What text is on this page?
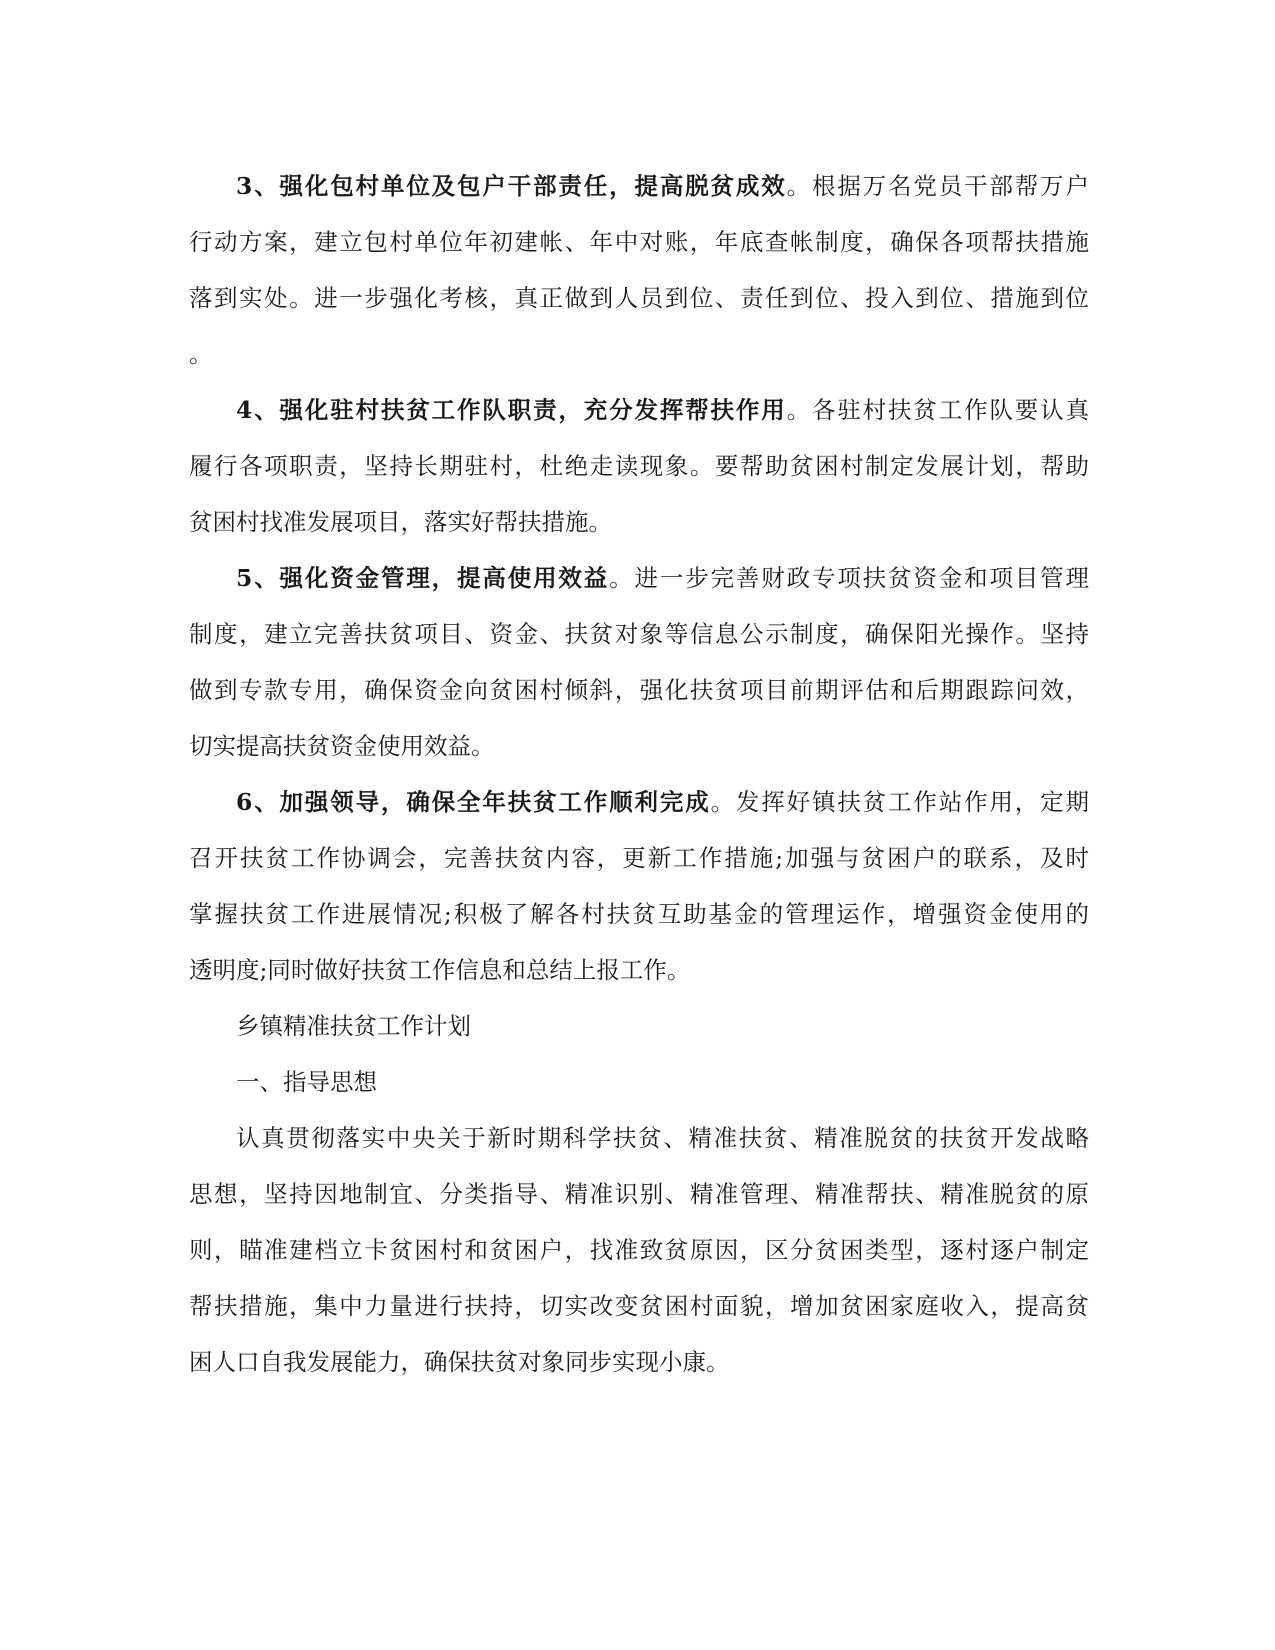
3、强化包村单位及包户干部责任，提高脱贫成效。根据万名党员干部帮万户
行动方案，建立包村单位年初建帐、年中对账，年底查帐制度，确保各项帮扶措施
落到实处。进一步强化考核，真正做到人员到位、责任到位、投入到位、措施到位
。
4、强化驻村扶贫工作队职责，充分发挥帮扶作用。各驻村扶贫工作队要认真
履行各项职责，坚持长期驻村，杜绝走读现象。要帮助贫困村制定发展计划，帮助
贫困村找准发展项目，落实好帮扶措施。
5、强化资金管理，提高使用效益。进一步完善财政专项扶贫资金和项目管理
制度，建立完善扶贫项目、资金、扶贫对象等信息公示制度，确保阳光操作。坚持
做到专款专用，确保资金向贫困村倾斜，强化扶贫项目前期评估和后期跟踪问效，
切实提高扶贫资金使用效益。
6、加强领导，确保全年扶贫工作顺利完成。发挥好镇扶贫工作站作用，定期
召开扶贫工作协调会，完善扶贫内容，更新工作措施;加强与贫困户的联系，及时
掌握扶贫工作进展情况;积极了解各村扶贫互助基金的管理运作，增强资金使用的
透明度;同时做好扶贫工作信息和总结上报工作。
乡镇精准扶贫工作计划
一、指导思想
认真贯彻落实中央关于新时期科学扶贫、精准扶贫、精准脱贫的扶贫开发战略
思想，坚持因地制宜、分类指导、精准识别、精准管理、精准帮扶、精准脱贫的原
则，瞄准建档立卡贫困村和贫困户，找准致贫原因，区分贫困类型，逐村逐户制定
帮扶措施，集中力量进行扶持，切实改变贫困村面貌，增加贫困家庭收入，提高贫
困人口自我发展能力，确保扶贫对象同步实现小康。
